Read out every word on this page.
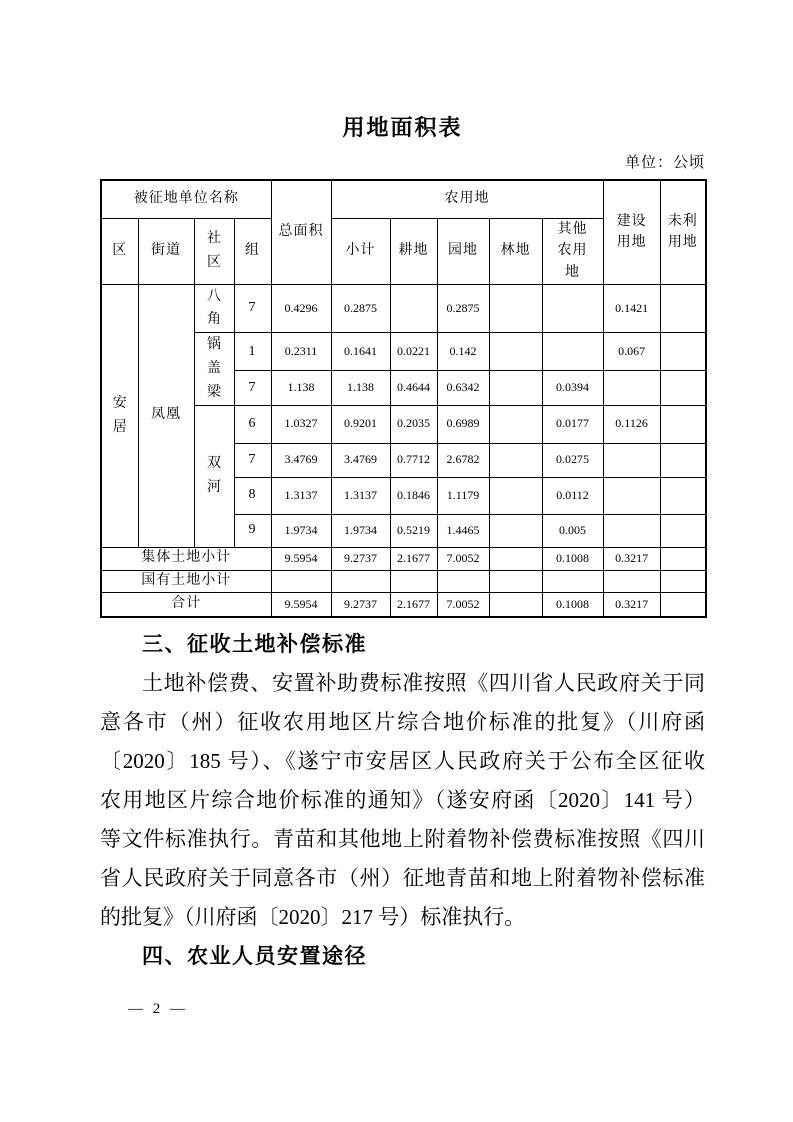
用地面积表
单位：公顷
被征地单位名称				总面积	农用地					建设用地	未利用地
区	街道	社区	组		小计	耕地	园地	林地	其他农用地		
安居	凤凰	八角	7	0.4296	0.2875		0.2875			0.1421	
		锅盖梁	1	0.2311	0.1641	0.0221	0.142			0.067	
			7	1.138	1.138	0.4644	0.6342		0.0394		
		双河	6	1.0327	0.9201	0.2035	0.6989		0.0177	0.1126	
			7	3.4769	3.4769	0.7712	2.6782		0.0275		
			8	1.3137	1.3137	0.1846	1.1179		0.0112		
			9	1.9734	1.9734	0.5219	1.4465		0.005		
集体土地小计				9.5954	9.2737	2.1677	7.0052		0.1008	0.3217	
国有土地小计											
合计				9.5954	9.2737	2.1677	7.0052		0.1008	0.3217	
三、征收土地补偿标准
土地补偿费、安置补助费标准按照《四川省人民政府关于同
意各市（州）征收农用地区片综合地价标准的批复》（川府函
〔2020〕185 号）、《遂宁市安居区人民政府关于公布全区征收
农用地区片综合地价标准的通知》（遂安府函〔2020〕141 号）
等文件标准执行。青苗和其他地上附着物补偿费标准按照《四川
省人民政府关于同意各市（州）征地青苗和地上附着物补偿标准
的批复》（川府函〔2020〕217 号）标准执行。
四、农业人员安置途径
— 2 —
